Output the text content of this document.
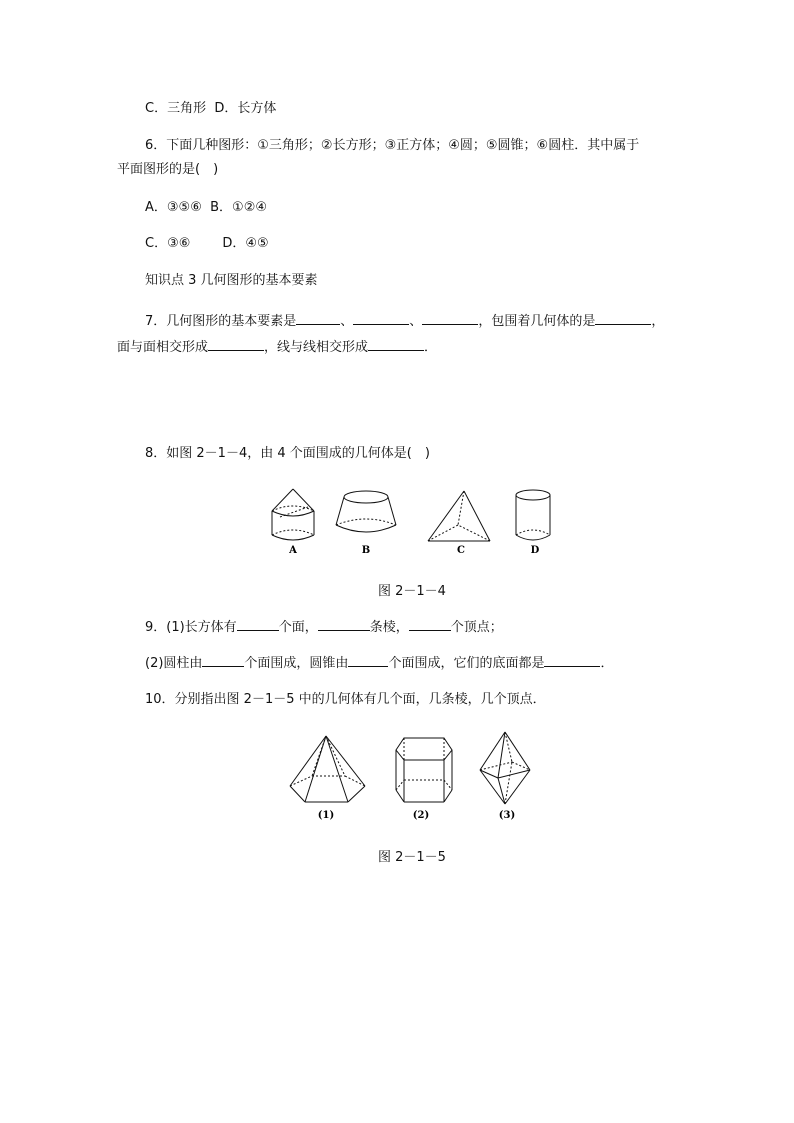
C．三角形 D．长方体
6．下面几种图形：①三角形；②长方形；③正方体；④圆；⑤圆锥；⑥圆柱．其中属于
平面图形的是(　)
A．③⑤⑥ B．①②④
C．③⑥ D．④⑤
知识点 3 几何图形的基本要素
7．几何图形的基本要素是	、	、	，包围着几何体的是	，
面与面相交形成	，线与线相交形成	．
8．如图 2－1－4，由 4 个面围成的几何体是(　)
A	B	C	D
图 2－1－4
9．(1)长方体有	个面，	条棱，	个顶点；
(2)圆柱由	个面围成，圆锥由	个面围成，它们的底面都是	．
10．分别指出图 2－1－5 中的几何体有几个面，几条棱，几个顶点．
(1)	(2)	(3)
图 2－1－5
